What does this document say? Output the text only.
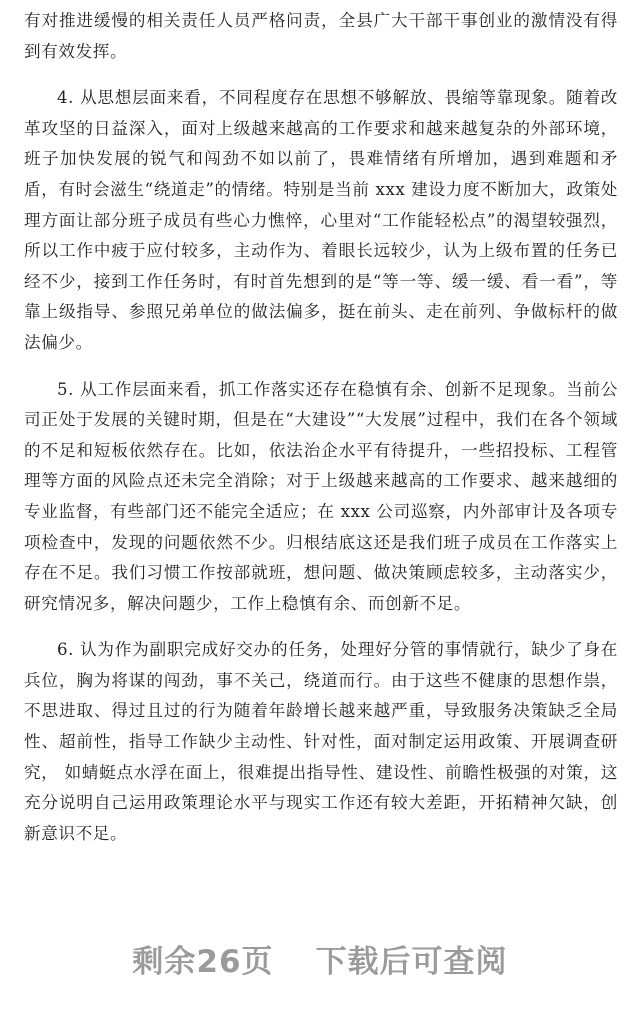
有对推进缓慢的相关责任人员严格问责，全县广大干部干事创业的激情没有得到有效发挥。

4. 从思想层面来看，不同程度存在思想不够解放、畏缩等靠现象。随着改革攻坚的日益深入，面对上级越来越高的工作要求和越来越复杂的外部环境，班子加快发展的锐气和闯劲不如以前了，畏难情绪有所增加，遇到难题和矛盾，有时会滋生“绕道走”的情绪。特别是当前 xxx 建设力度不断加大，政策处理方面让部分班子成员有些心力憔悴，心里对“工作能轻松点”的渴望较强烈，所以工作中疲于应付较多，主动作为、着眼长远较少，认为上级布置的任务已经不少，接到工作任务时，有时首先想到的是“等一等、缓一缓、看一看”，等靠上级指导、参照兄弟单位的做法偏多，挺在前头、走在前列、争做标杆的做法偏少。

5. 从工作层面来看，抓工作落实还存在稳慎有余、创新不足现象。当前公司正处于发展的关键时期，但是在“大建设”“大发展”过程中，我们在各个领域的不足和短板依然存在。比如，依法治企水平有待提升，一些招投标、工程管理等方面的风险点还未完全消除；对于上级越来越高的工作要求、越来越细的专业监督，有些部门还不能完全适应；在 xxx 公司巡察，内外部审计及各项专项检查中，发现的问题依然不少。归根结底这还是我们班子成员在工作落实上存在不足。我们习惯工作按部就班，想问题、做决策顾虑较多，主动落实少，研究情况多，解决问题少，工作上稳慎有余、而创新不足。

6. 认为作为副职完成好交办的任务，处理好分管的事情就行，缺少了身在兵位，胸为将谋的闯劲，事不关己，绕道而行。由于这些不健康的思想作祟，不思进取、得过且过的行为随着年龄增长越来越严重，导致服务决策缺乏全局性、超前性，指导工作缺少主动性、针对性，面对制定运用政策、开展调查研究， 如蜻蜓点水浮在面上，很难提出指导性、建设性、前瞻性极强的对策，这充分说明自己运用政策理论水平与现实工作还有较大差距，开拓精神欠缺，创新意识不足。

剩余26页 下载后可查阅
